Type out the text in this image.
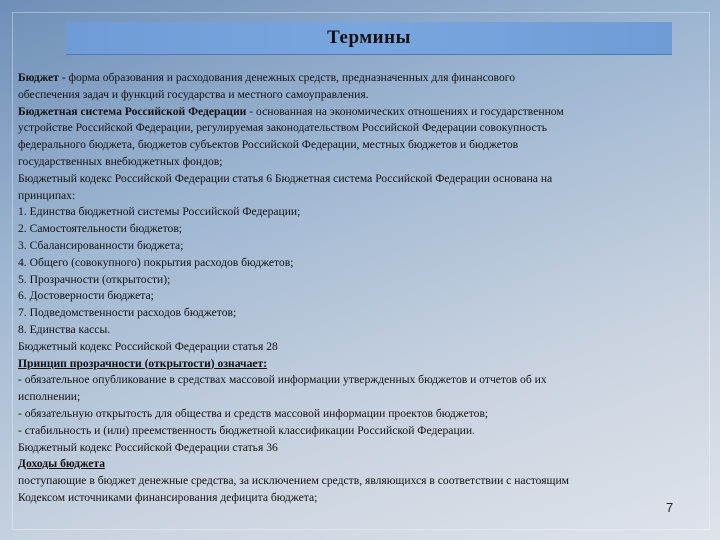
Термины
Бюджет - форма образования и расходования денежных средств, предназначенных для финансового
обеспечения задач и функций государства и местного самоуправления.
Бюджетная система Российской Федерации - основанная на экономических отношениях и государственном
устройстве Российской Федерации, регулируемая законодательством Российской Федерации совокупность
федерального бюджета, бюджетов субъектов Российской Федерации, местных бюджетов и бюджетов
государственных внебюджетных фондов;
Бюджетный кодекс Российской Федерации статья 6 Бюджетная система Российской Федерации основана на
принципах:
1. Единства бюджетной системы Российской Федерации;
2. Самостоятельности бюджетов;
3. Сбалансированности бюджета;
4. Общего (совокупного) покрытия расходов бюджетов;
5. Прозрачности (открытости);
6. Достоверности бюджета;
7. Подведомственности расходов бюджетов;
8. Единства кассы.
Бюджетный кодекс Российской Федерации статья 28
Принцип прозрачности (открытости) означает:
- обязательное опубликование в средствах массовой информации утвержденных бюджетов и отчетов об их
исполнении;
- обязательную открытость для общества и средств массовой информации проектов бюджетов;
- стабильность и (или) преемственность бюджетной классификации Российской Федерации.
Бюджетный кодекс Российской Федерации статья 36
Доходы бюджета
поступающие в бюджет денежные средства, за исключением средств, являющихся в соответствии с настоящим
Кодексом источниками финансирования дефицита бюджета;
7
